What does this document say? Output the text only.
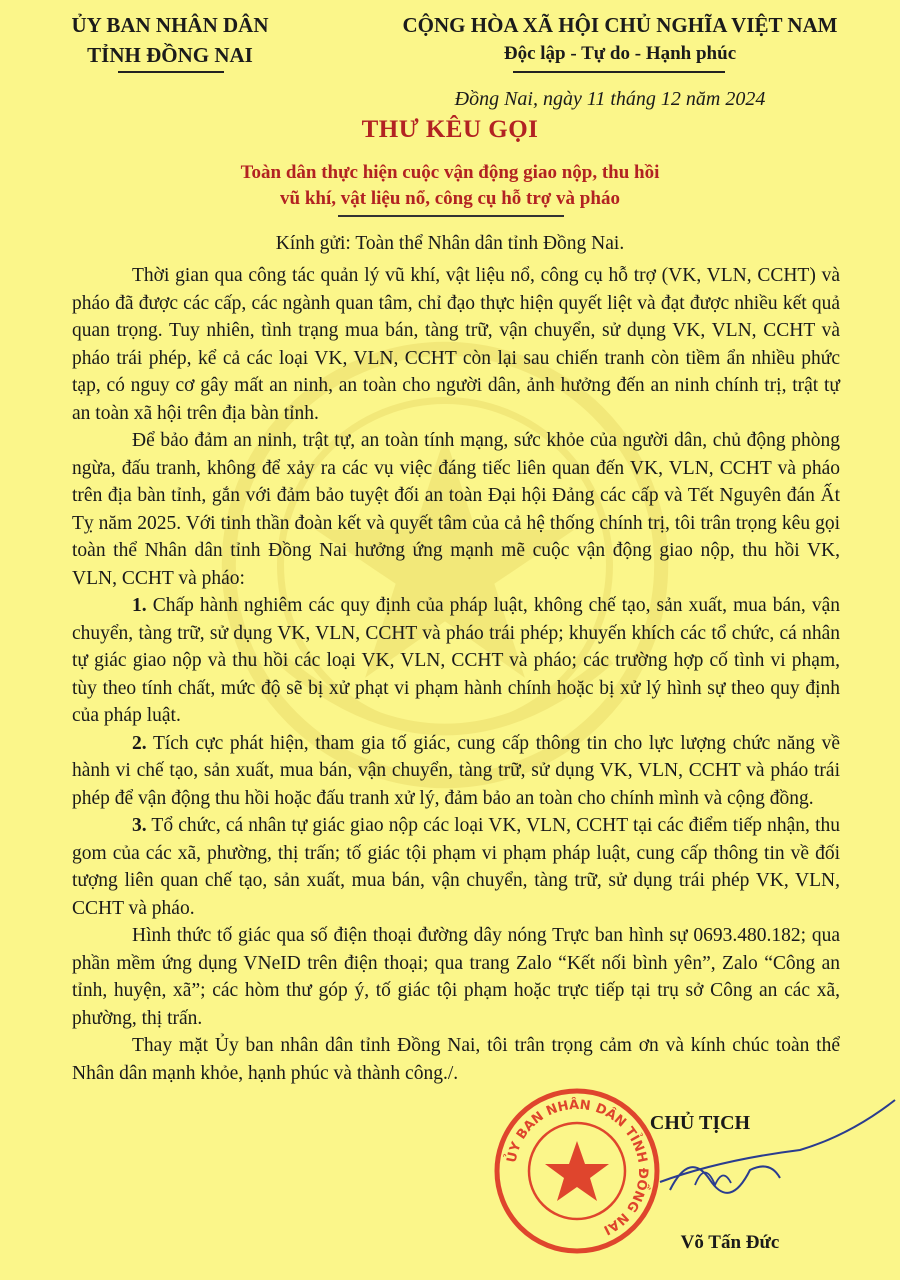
ỦY BAN NHÂN DÂN
TỈNH ĐỒNG NAI
CỘNG HÒA XÃ HỘI CHỦ NGHĨA VIỆT NAM
Độc lập - Tự do - Hạnh phúc
Đồng Nai, ngày 11 tháng 12 năm 2024
THƯ KÊU GỌI
Toàn dân thực hiện cuộc vận động giao nộp, thu hồi
vũ khí, vật liệu nổ, công cụ hỗ trợ và pháo
Kính gửi: Toàn thể Nhân dân tỉnh Đồng Nai.

Thời gian qua công tác quản lý vũ khí, vật liệu nổ, công cụ hỗ trợ (VK, VLN, CCHT) và pháo đã được các cấp, các ngành quan tâm, chỉ đạo thực hiện quyết liệt và đạt được nhiều kết quả quan trọng. Tuy nhiên, tình trạng mua bán, tàng trữ, vận chuyển, sử dụng VK, VLN, CCHT và pháo trái phép, kể cả các loại VK, VLN, CCHT còn lại sau chiến tranh còn tiềm ẩn nhiều phức tạp, có nguy cơ gây mất an ninh, an toàn cho người dân, ảnh hưởng đến an ninh chính trị, trật tự an toàn xã hội trên địa bàn tỉnh.

Để bảo đảm an ninh, trật tự, an toàn tính mạng, sức khỏe của người dân, chủ động phòng ngừa, đấu tranh, không để xảy ra các vụ việc đáng tiếc liên quan đến VK, VLN, CCHT và pháo trên địa bàn tỉnh, gắn với đảm bảo tuyệt đối an toàn Đại hội Đảng các cấp và Tết Nguyên đán Ất Tỵ năm 2025. Với tinh thần đoàn kết và quyết tâm của cả hệ thống chính trị, tôi trân trọng kêu gọi toàn thể Nhân dân tỉnh Đồng Nai hưởng ứng mạnh mẽ cuộc vận động giao nộp, thu hồi VK, VLN, CCHT và pháo:

1. Chấp hành nghiêm các quy định của pháp luật, không chế tạo, sản xuất, mua bán, vận chuyển, tàng trữ, sử dụng VK, VLN, CCHT và pháo trái phép; khuyến khích các tổ chức, cá nhân tự giác giao nộp và thu hồi các loại VK, VLN, CCHT và pháo; các trường hợp cố tình vi phạm, tùy theo tính chất, mức độ sẽ bị xử phạt vi phạm hành chính hoặc bị xử lý hình sự theo quy định của pháp luật.

2. Tích cực phát hiện, tham gia tố giác, cung cấp thông tin cho lực lượng chức năng về hành vi chế tạo, sản xuất, mua bán, vận chuyển, tàng trữ, sử dụng VK, VLN, CCHT và pháo trái phép để vận động thu hồi hoặc đấu tranh xử lý, đảm bảo an toàn cho chính mình và cộng đồng.

3. Tổ chức, cá nhân tự giác giao nộp các loại VK, VLN, CCHT tại các điểm tiếp nhận, thu gom của các xã, phường, thị trấn; tố giác tội phạm vi phạm pháp luật, cung cấp thông tin về đối tượng liên quan chế tạo, sản xuất, mua bán, vận chuyển, tàng trữ, sử dụng trái phép VK, VLN, CCHT và pháo.

Hình thức tố giác qua số điện thoại đường dây nóng Trực ban hình sự 0693.480.182; qua phần mềm ứng dụng VNeID trên điện thoại; qua trang Zalo “Kết nối bình yên”, Zalo “Công an tỉnh, huyện, xã”; các hòm thư góp ý, tố giác tội phạm hoặc trực tiếp tại trụ sở Công an các xã, phường, thị trấn.

Thay mặt Ủy ban nhân dân tỉnh Đồng Nai, tôi trân trọng cảm ơn và kính chúc toàn thể Nhân dân mạnh khỏe, hạnh phúc và thành công./.

ỦY BAN NHÂN DÂN TỈNH ĐỒNG NAI
CHỦ TỊCH
Võ Tấn Đức
